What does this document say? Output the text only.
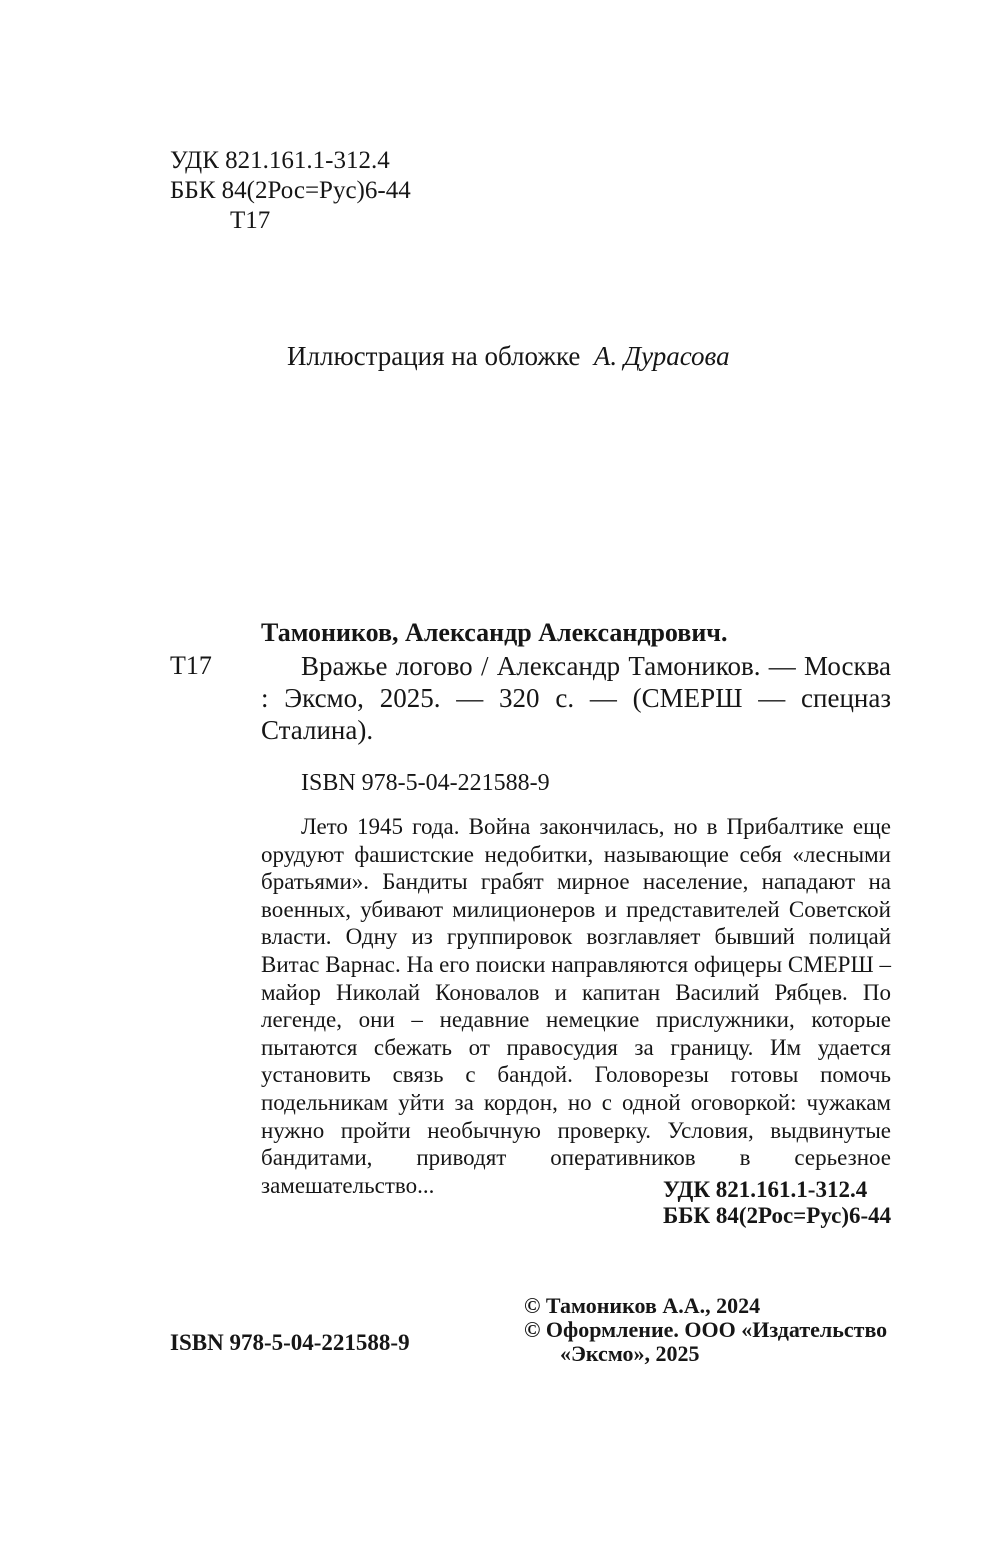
УДК 821.161.1-312.4
ББК 84(2Рос=Рус)6-44
Т17
Иллюстрация на обложке А. Дурасова
Т17
Тамоников, Александр Александрович.
Вражье логово / Александр Тамоников. — Москва : Эксмо, 2025. — 320 с. — (СМЕРШ — спецназ Сталина).
ISBN 978-5-04-221588-9

Лето 1945 года. Война закончилась, но в Прибалтике еще орудуют фашистские недобитки, называющие себя «лесными братьями». Бандиты грабят мирное население, нападают на военных, убивают милиционеров и представителей Советской власти. Одну из группировок возглавляет бывший полицай Витас Варнас. На его поиски направляются офицеры СМЕРШ – майор Николай Коновалов и капитан Василий Рябцев. По легенде, они – недавние немецкие прислужники, которые пытаются сбежать от правосудия за границу. Им удается установить связь с бандой. Головорезы готовы помочь подельникам уйти за кордон, но с одной оговоркой: чужакам нужно пройти необычную проверку. Условия, выдвинутые бандитами, приводят оперативников в серьезное замешательство...	УДК 821.161.1-312.4
ББК 84(2Рос=Рус)6-44
© Тамоников А.А., 2024
© Оформление. ООО «Издательство
«Эксмо», 2025
ISBN 978-5-04-221588-9
